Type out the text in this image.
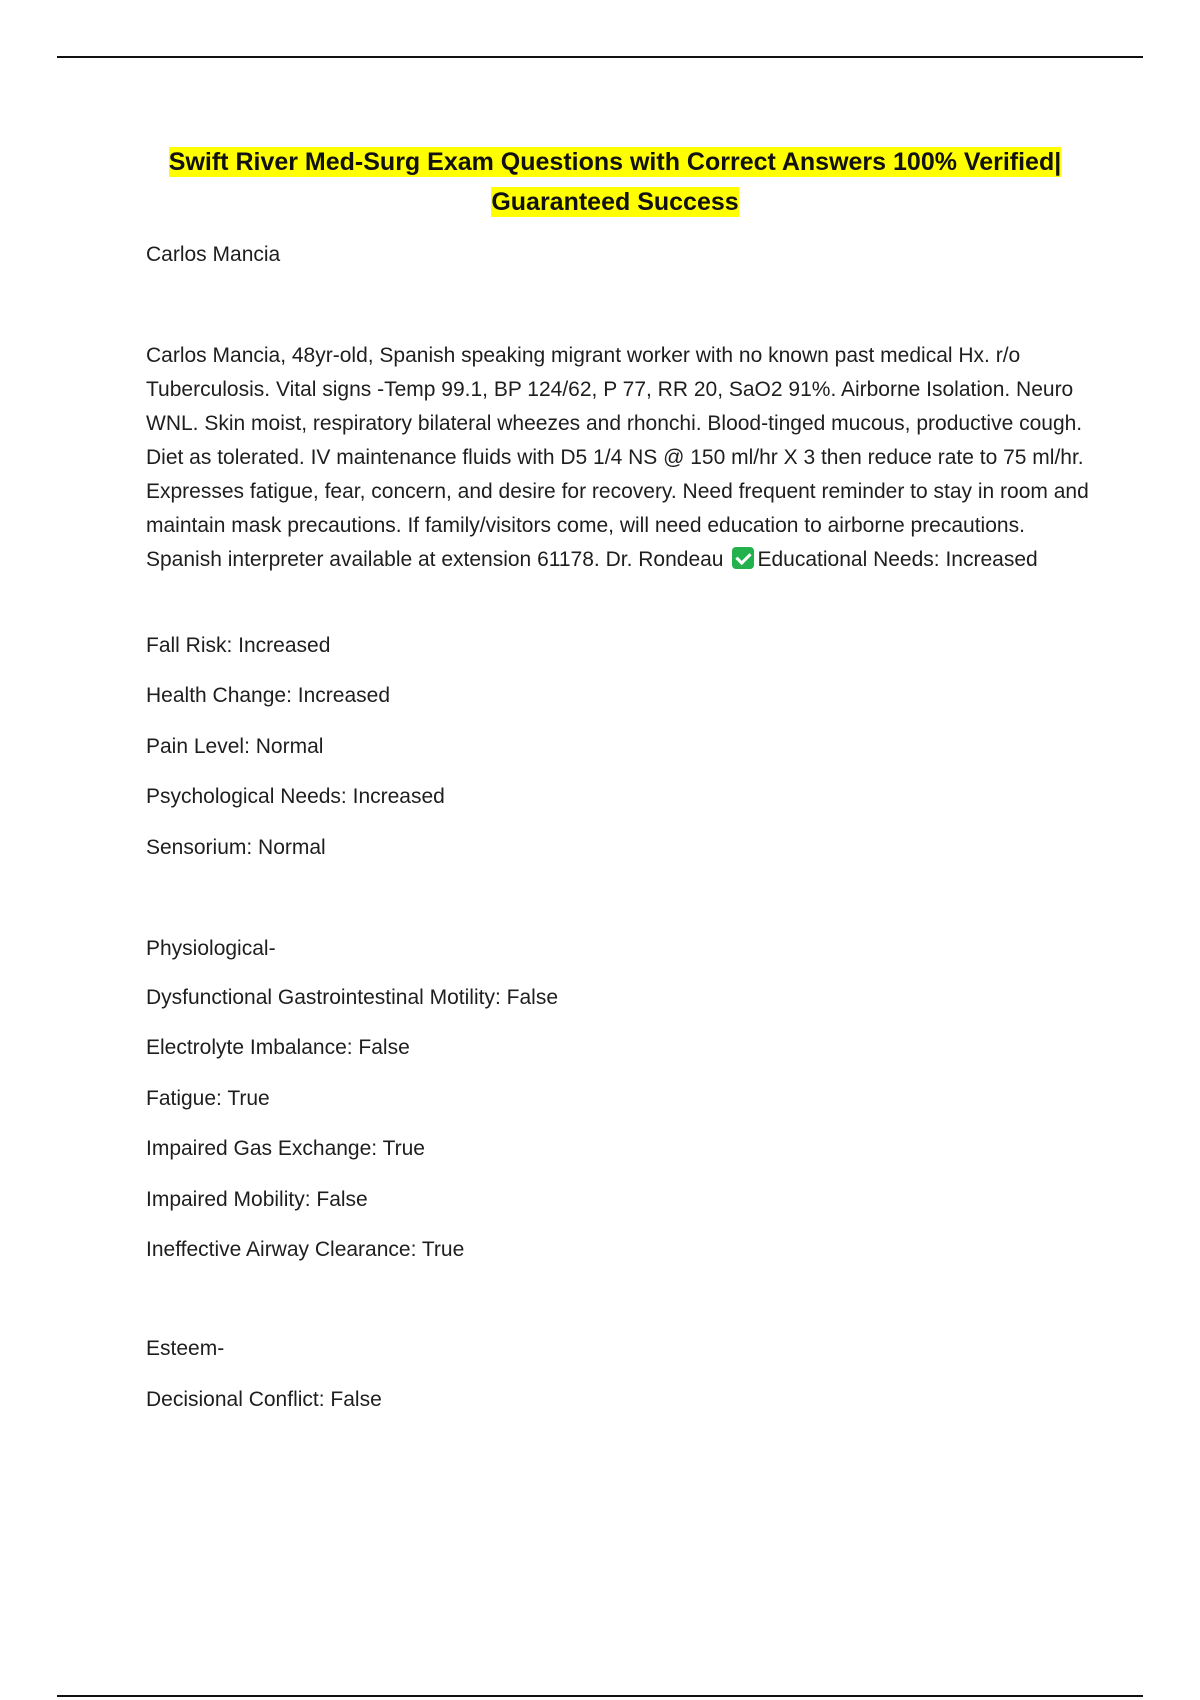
Swift River Med-Surg Exam Questions with Correct Answers 100% Verified|
Guaranteed Success
Carlos Mancia
Carlos Mancia, 48yr-old, Spanish speaking migrant worker with no known past medical Hx. r/o Tuberculosis. Vital signs -Temp 99.1, BP 124/62, P 77, RR 20, SaO2 91%. Airborne Isolation. Neuro WNL. Skin moist, respiratory bilateral wheezes and rhonchi. Blood-tinged mucous, productive cough. Diet as tolerated. IV maintenance fluids with D5 1/4 NS @ 150 ml/hr X 3 then reduce rate to 75 ml/hr. Expresses fatigue, fear, concern, and desire for recovery. Need frequent reminder to stay in room and maintain mask precautions. If family/visitors come, will need education to airborne precautions. Spanish interpreter available at extension 61178. Dr. Rondeau Educational Needs: Increased
Fall Risk: Increased
Health Change: Increased
Pain Level: Normal
Psychological Needs: Increased
Sensorium: Normal
Physiological-
Dysfunctional Gastrointestinal Motility: False
Electrolyte Imbalance: False
Fatigue: True
Impaired Gas Exchange: True
Impaired Mobility: False
Ineffective Airway Clearance: True
Esteem-
Decisional Conflict: False
